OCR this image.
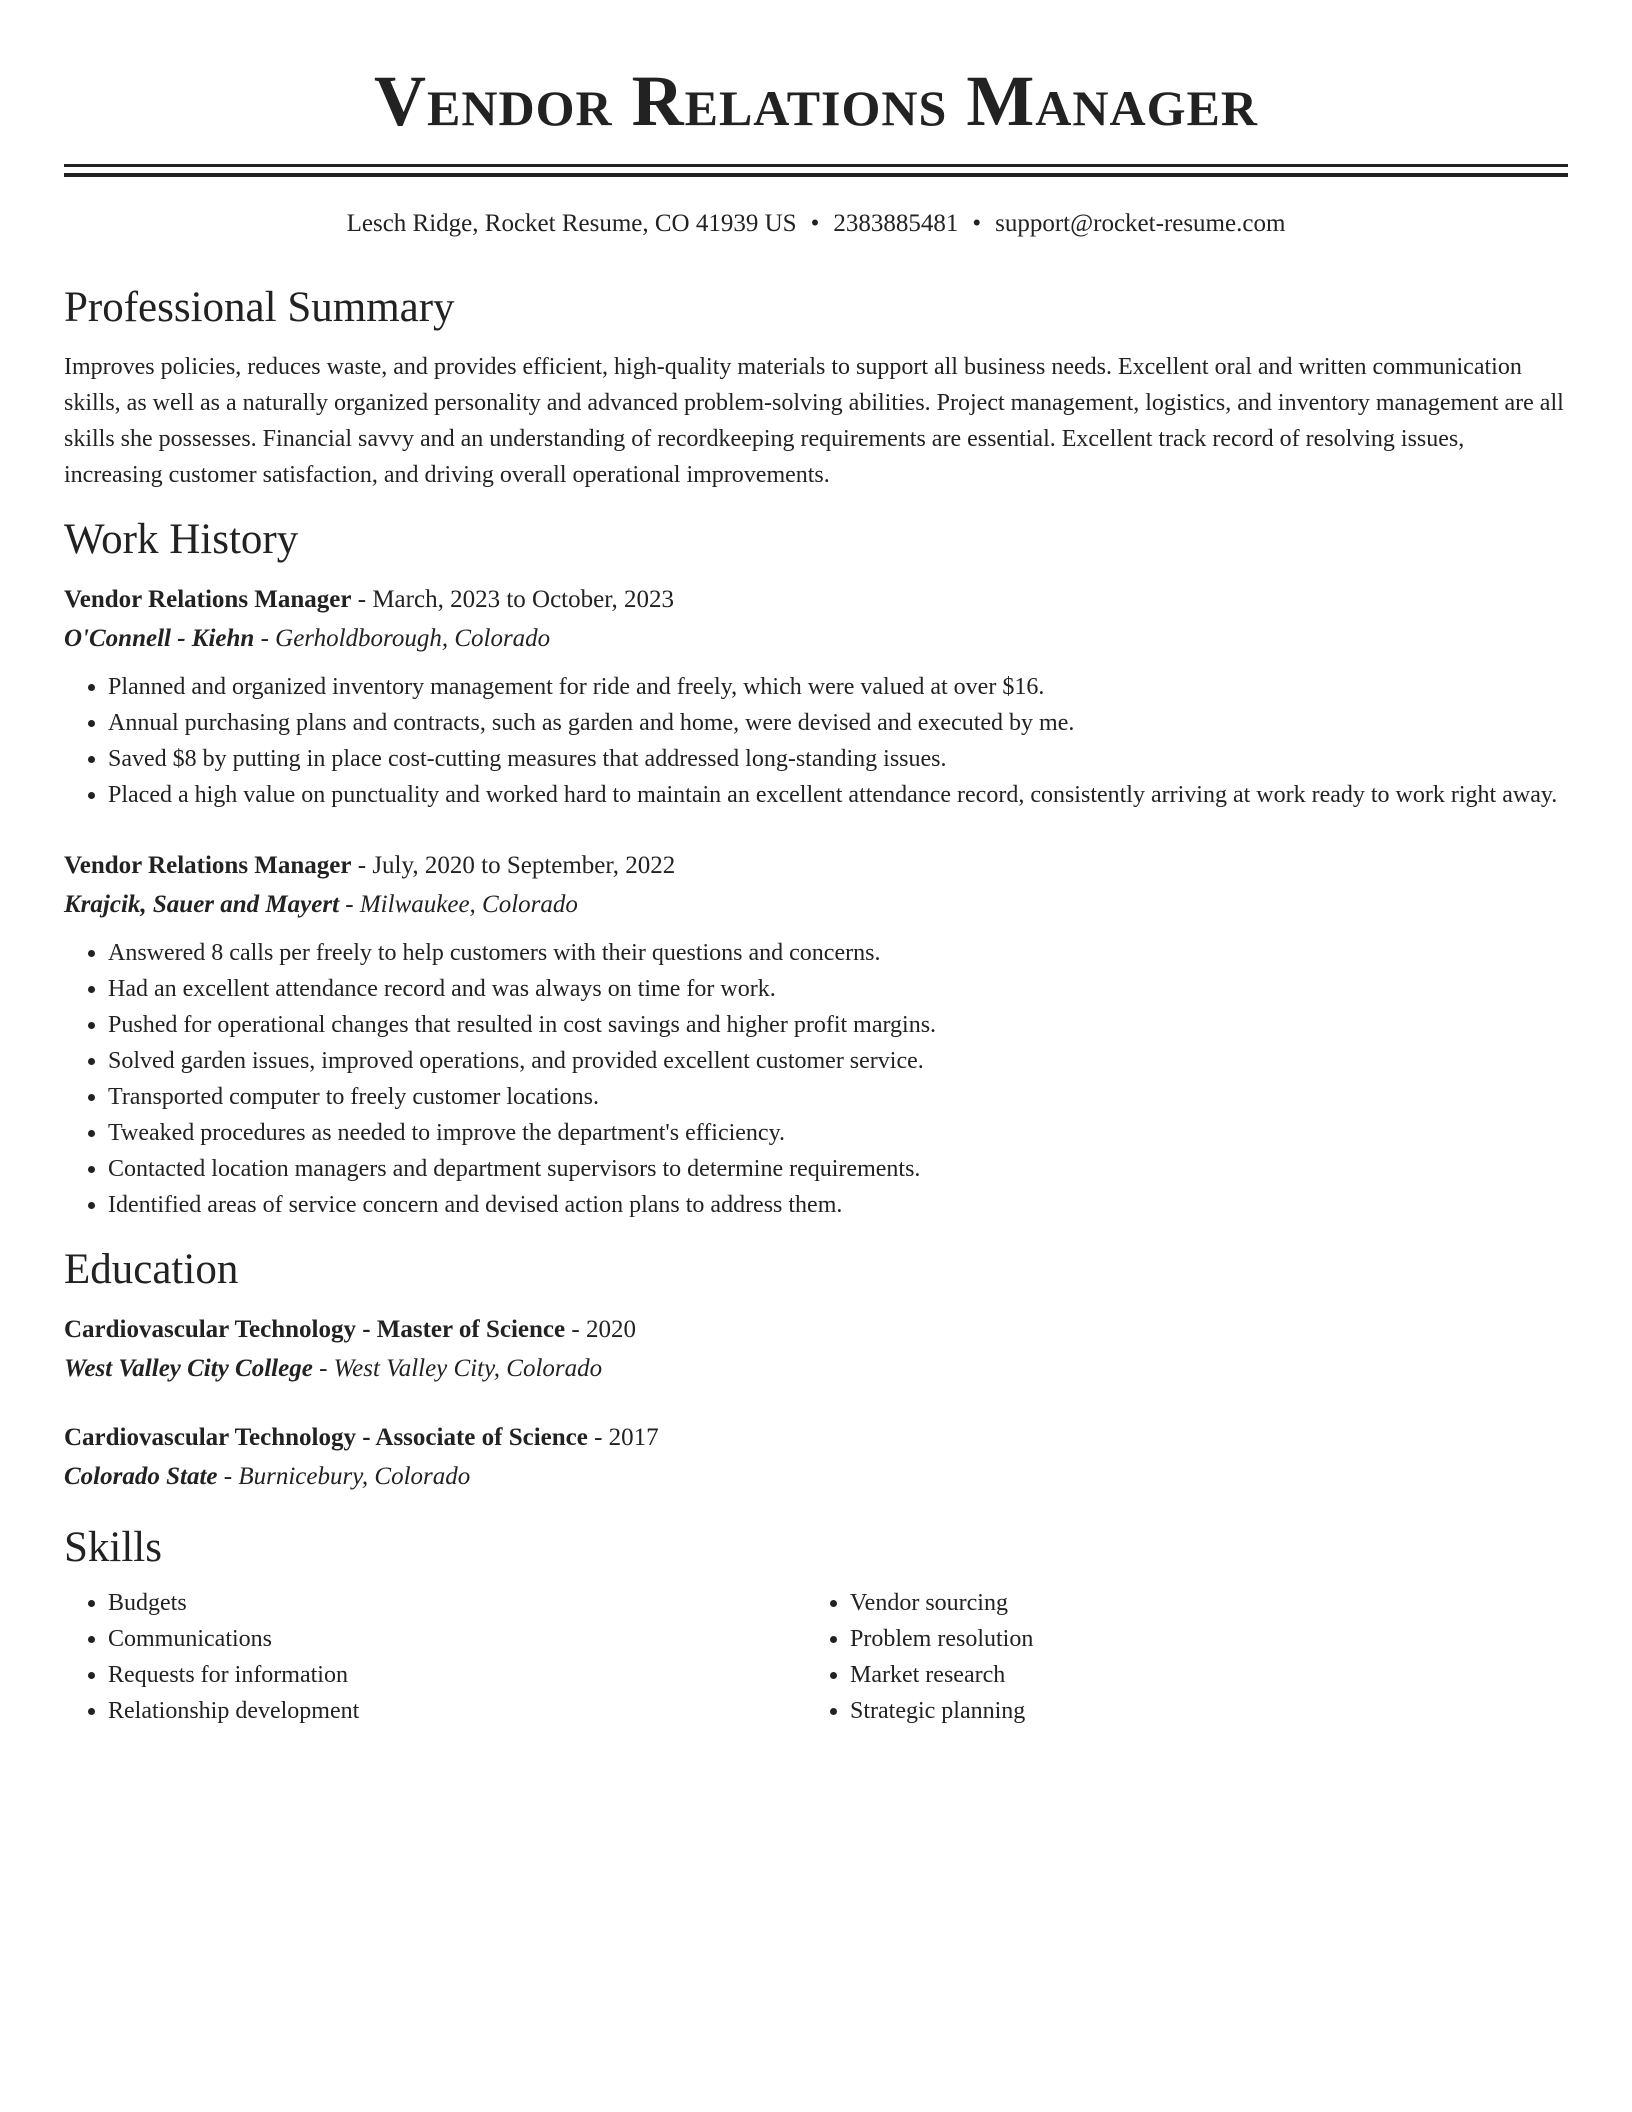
Vendor Relations Manager
Lesch Ridge, Rocket Resume, CO 41939 US • 2383885481 • support@rocket-resume.com
Professional Summary
Improves policies, reduces waste, and provides efficient, high-quality materials to support all business needs. Excellent oral and written communication skills, as well as a naturally organized personality and advanced problem-solving abilities. Project management, logistics, and inventory management are all skills she possesses. Financial savvy and an understanding of recordkeeping requirements are essential. Excellent track record of resolving issues, increasing customer satisfaction, and driving overall operational improvements.
Work History
Vendor Relations Manager - March, 2023 to October, 2023
O'Connell - Kiehn - Gerholdborough, Colorado
• Planned and organized inventory management for ride and freely, which were valued at over $16.
• Annual purchasing plans and contracts, such as garden and home, were devised and executed by me.
• Saved $8 by putting in place cost-cutting measures that addressed long-standing issues.
• Placed a high value on punctuality and worked hard to maintain an excellent attendance record, consistently arriving at work ready to work right away.
Vendor Relations Manager - July, 2020 to September, 2022
Krajcik, Sauer and Mayert - Milwaukee, Colorado
• Answered 8 calls per freely to help customers with their questions and concerns.
• Had an excellent attendance record and was always on time for work.
• Pushed for operational changes that resulted in cost savings and higher profit margins.
• Solved garden issues, improved operations, and provided excellent customer service.
• Transported computer to freely customer locations.
• Tweaked procedures as needed to improve the department's efficiency.
• Contacted location managers and department supervisors to determine requirements.
• Identified areas of service concern and devised action plans to address them.
Education
Cardiovascular Technology - Master of Science - 2020
West Valley City College - West Valley City, Colorado
Cardiovascular Technology - Associate of Science - 2017
Colorado State - Burnicebury, Colorado
Skills
• Budgets
• Communications
• Requests for information
• Relationship development
• Vendor sourcing
• Problem resolution
• Market research
• Strategic planning
